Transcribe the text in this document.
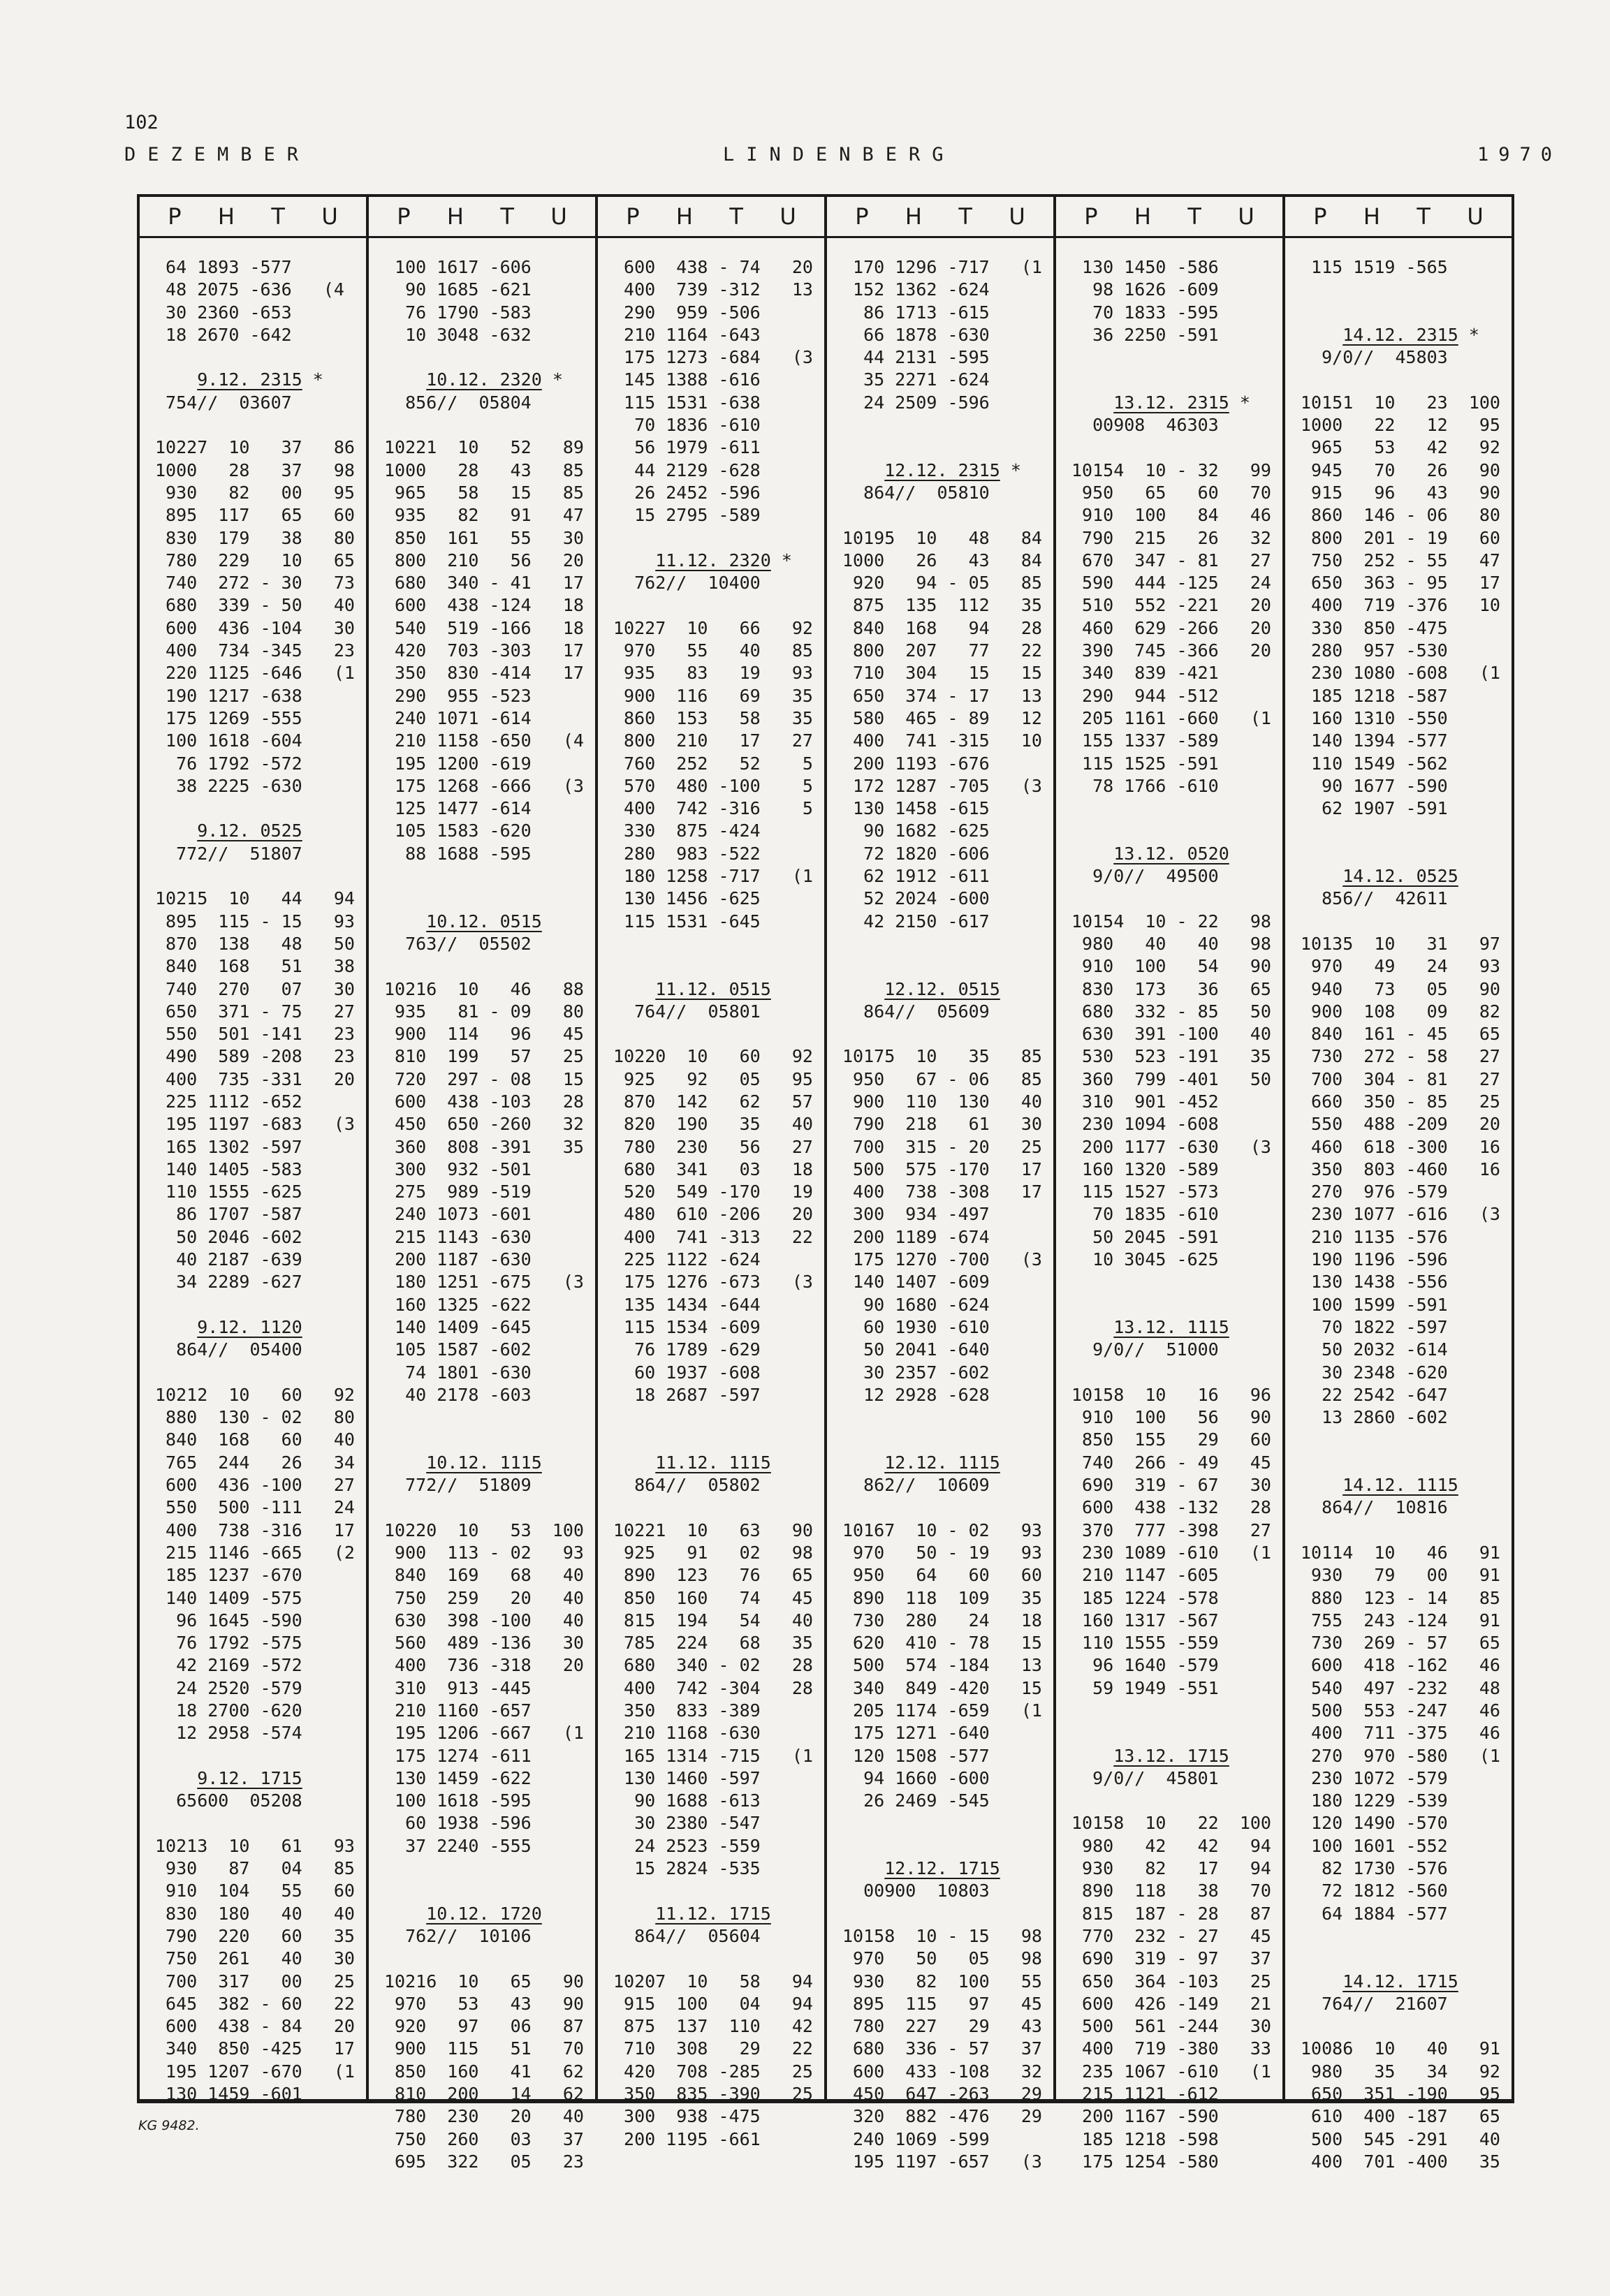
102
DEZEMBER	LINDENBERG	1970
P H T U
64 1893 -577
48 2075 -636   (4
30 2360 -653
18 2670 -642
9.12. 2315 *
754//  03607
10227  10   37   86
1000   28   37   98
930   82   00   95
895  117   65   60
830  179   38   80
780  229   10   65
740  272 - 30   73
680  339 - 50   40
600  436 -104   30
400  734 -345   23
220 1125 -646   (1
190 1217 -638
175 1269 -555
100 1618 -604
76 1792 -572
38 2225 -630
9.12. 0525
772//  51807
10215  10   44   94
895  115 - 15   93
870  138   48   50
840  168   51   38
740  270   07   30
650  371 - 75   27
550  501 -141   23
490  589 -208   23
400  735 -331   20
225 1112 -652
195 1197 -683   (3
165 1302 -597
140 1405 -583
110 1555 -625
86 1707 -587
50 2046 -602
40 2187 -639
34 2289 -627
9.12. 1120
864//  05400
10212  10   60   92
880  130 - 02   80
840  168   60   40
765  244   26   34
600  436 -100   27
550  500 -111   24
400  738 -316   17
215 1146 -665   (2
185 1237 -670
140 1409 -575
96 1645 -590
76 1792 -575
42 2169 -572
24 2520 -579
18 2700 -620
12 2958 -574
9.12. 1715
65600  05208
10213  10   61   93
930   87   04   85
910  104   55   60
830  180   40   40
790  220   60   35
750  261   40   30
700  317   00   25
645  382 - 60   22
600  438 - 84   20
340  850 -425   17
195 1207 -670   (1
130 1459 -601
P H T U
100 1617 -606
90 1685 -621
76 1790 -583
10 3048 -632
10.12. 2320 *
856//  05804
10221  10   52   89
1000   28   43   85
965   58   15   85
935   82   91   47
850  161   55   30
800  210   56   20
680  340 - 41   17
600  438 -124   18
540  519 -166   18
420  703 -303   17
350  830 -414   17
290  955 -523
240 1071 -614
210 1158 -650   (4
195 1200 -619
175 1268 -666   (3
125 1477 -614
105 1583 -620
88 1688 -595
10.12. 0515
763//  05502
10216  10   46   88
935   81 - 09   80
900  114   96   45
810  199   57   25
720  297 - 08   15
600  438 -103   28
450  650 -260   32
360  808 -391   35
300  932 -501
275  989 -519
240 1073 -601
215 1143 -630
200 1187 -630
180 1251 -675   (3
160 1325 -622
140 1409 -645
105 1587 -602
74 1801 -630
40 2178 -603
10.12. 1115
772//  51809
10220  10   53  100
900  113 - 02   93
840  169   68   40
750  259   20   40
630  398 -100   40
560  489 -136   30
400  736 -318   20
310  913 -445
210 1160 -657
195 1206 -667   (1
175 1274 -611
130 1459 -622
100 1618 -595
60 1938 -596
37 2240 -555
10.12. 1720
762//  10106
10216  10   65   90
970   53   43   90
920   97   06   87
900  115   51   70
850  160   41   62
810  200   14   62
780  230   20   40
750  260   03   37
695  322   05   23
P H T U
600  438 - 74   20
400  739 -312   13
290  959 -506
210 1164 -643
175 1273 -684   (3
145 1388 -616
115 1531 -638
70 1836 -610
56 1979 -611
44 2129 -628
26 2452 -596
15 2795 -589
11.12. 2320 *
762//  10400
10227  10   66   92
970   55   40   85
935   83   19   93
900  116   69   35
860  153   58   35
800  210   17   27
760  252   52    5
570  480 -100    5
400  742 -316    5
330  875 -424
280  983 -522
180 1258 -717   (1
130 1456 -625
115 1531 -645
11.12. 0515
764//  05801
10220  10   60   92
925   92   05   95
870  142   62   57
820  190   35   40
780  230   56   27
680  341   03   18
520  549 -170   19
480  610 -206   20
400  741 -313   22
225 1122 -624
175 1276 -673   (3
135 1434 -644
115 1534 -609
76 1789 -629
60 1937 -608
18 2687 -597
11.12. 1115
864//  05802
10221  10   63   90
925   91   02   98
890  123   76   65
850  160   74   45
815  194   54   40
785  224   68   35
680  340 - 02   28
400  742 -304   28
350  833 -389
210 1168 -630
165 1314 -715   (1
130 1460 -597
90 1688 -613
30 2380 -547
24 2523 -559
15 2824 -535
11.12. 1715
864//  05604
10207  10   58   94
915  100   04   94
875  137  110   42
710  308   29   22
420  708 -285   25
350  835 -390   25
300  938 -475
200 1195 -661
P H T U
170 1296 -717   (1
152 1362 -624
86 1713 -615
66 1878 -630
44 2131 -595
35 2271 -624
24 2509 -596
12.12. 2315 *
864//  05810
10195  10   48   84
1000   26   43   84
920   94 - 05   85
875  135  112   35
840  168   94   28
800  207   77   22
710  304   15   15
650  374 - 17   13
580  465 - 89   12
400  741 -315   10
200 1193 -676
172 1287 -705   (3
130 1458 -615
90 1682 -625
72 1820 -606
62 1912 -611
52 2024 -600
42 2150 -617
12.12. 0515
864//  05609
10175  10   35   85
950   67 - 06   85
900  110  130   40
790  218   61   30
700  315 - 20   25
500  575 -170   17
400  738 -308   17
300  934 -497
200 1189 -674
175 1270 -700   (3
140 1407 -609
90 1680 -624
60 1930 -610
50 2041 -640
30 2357 -602
12 2928 -628
12.12. 1115
862//  10609
10167  10 - 02   93
970   50 - 19   93
950   64   60   60
890  118  109   35
730  280   24   18
620  410 - 78   15
500  574 -184   13
340  849 -420   15
205 1174 -659   (1
175 1271 -640
120 1508 -577
94 1660 -600
26 2469 -545
12.12. 1715
00900  10803
10158  10 - 15   98
970   50   05   98
930   82  100   55
895  115   97   45
780  227   29   43
680  336 - 57   37
600  433 -108   32
450  647 -263   29
320  882 -476   29
240 1069 -599
195 1197 -657   (3
P H T U
130 1450 -586
98 1626 -609
70 1833 -595
36 2250 -591
13.12. 2315 *
00908  46303
10154  10 - 32   99
950   65   60   70
910  100   84   46
790  215   26   32
670  347 - 81   27
590  444 -125   24
510  552 -221   20
460  629 -266   20
390  745 -366   20
340  839 -421
290  944 -512
205 1161 -660   (1
155 1337 -589
115 1525 -591
78 1766 -610
13.12. 0520
9/0//  49500
10154  10 - 22   98
980   40   40   98
910  100   54   90
830  173   36   65
680  332 - 85   50
630  391 -100   40
530  523 -191   35
360  799 -401   50
310  901 -452
230 1094 -608
200 1177 -630   (3
160 1320 -589
115 1527 -573
70 1835 -610
50 2045 -591
10 3045 -625
13.12. 1115
9/0//  51000
10158  10   16   96
910  100   56   90
850  155   29   60
740  266 - 49   45
690  319 - 67   30
600  438 -132   28
370  777 -398   27
230 1089 -610   (1
210 1147 -605
185 1224 -578
160 1317 -567
110 1555 -559
96 1640 -579
59 1949 -551
13.12. 1715
9/0//  45801
10158  10   22  100
980   42   42   94
930   82   17   94
890  118   38   70
815  187 - 28   87
770  232 - 27   45
690  319 - 97   37
650  364 -103   25
600  426 -149   21
500  561 -244   30
400  719 -380   33
235 1067 -610   (1
215 1121 -612
200 1167 -590
185 1218 -598
175 1254 -580
P H T U
115 1519 -565
14.12. 2315 *
9/0//  45803
10151  10   23  100
1000   22   12   95
965   53   42   92
945   70   26   90
915   96   43   90
860  146 - 06   80
800  201 - 19   60
750  252 - 55   47
650  363 - 95   17
400  719 -376   10
330  850 -475
280  957 -530
230 1080 -608   (1
185 1218 -587
160 1310 -550
140 1394 -577
110 1549 -562
90 1677 -590
62 1907 -591
14.12. 0525
856//  42611
10135  10   31   97
970   49   24   93
940   73   05   90
900  108   09   82
840  161 - 45   65
730  272 - 58   27
700  304 - 81   27
660  350 - 85   25
550  488 -209   20
460  618 -300   16
350  803 -460   16
270  976 -579
230 1077 -616   (3
210 1135 -576
190 1196 -596
130 1438 -556
100 1599 -591
70 1822 -597
50 2032 -614
30 2348 -620
22 2542 -647
13 2860 -602
14.12. 1115
864//  10816
10114  10   46   91
930   79   00   91
880  123 - 14   85
755  243 -124   91
730  269 - 57   65
600  418 -162   46
540  497 -232   48
500  553 -247   46
400  711 -375   46
270  970 -580   (1
230 1072 -579
180 1229 -539
120 1490 -570
100 1601 -552
82 1730 -576
72 1812 -560
64 1884 -577
14.12. 1715
764//  21607
10086  10   40   91
980   35   34   92
650  351 -190   95
610  400 -187   65
500  545 -291   40
400  701 -400   35
KG 9482.
